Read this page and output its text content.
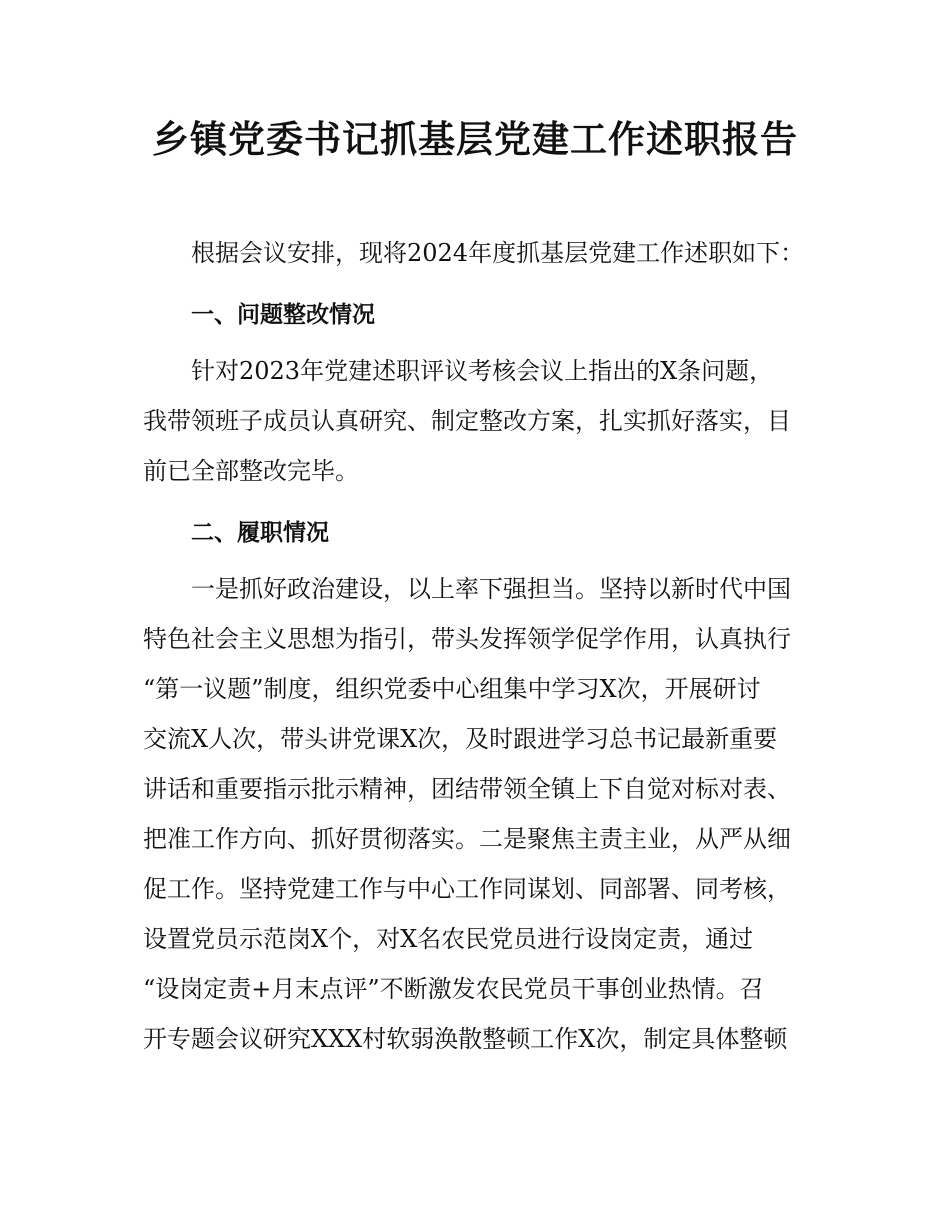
乡镇党委书记抓基层党建工作述职报告

根据会议安排，现将2024年度抓基层党建工作述职如下：

一、问题整改情况

针对2023年党建述职评议考核会议上指出的X条问题，
我带领班子成员认真研究、制定整改方案，扎实抓好落实，目
前已全部整改完毕。

二、履职情况

一是抓好政治建设，以上率下强担当。坚持以新时代中国
特色社会主义思想为指引，带头发挥领学促学作用，认真执行
“第一议题”制度，组织党委中心组集中学习X次，开展研讨
交流X人次，带头讲党课X次，及时跟进学习总书记最新重要
讲话和重要指示批示精神，团结带领全镇上下自觉对标对表、
把准工作方向、抓好贯彻落实。二是聚焦主责主业，从严从细
促工作。坚持党建工作与中心工作同谋划、同部署、同考核，
设置党员示范岗X个，对X名农民党员进行设岗定责，通过
“设岗定责+月末点评”不断激发农民党员干事创业热情。召
开专题会议研究XXX村软弱涣散整顿工作X次，制定具体整顿
